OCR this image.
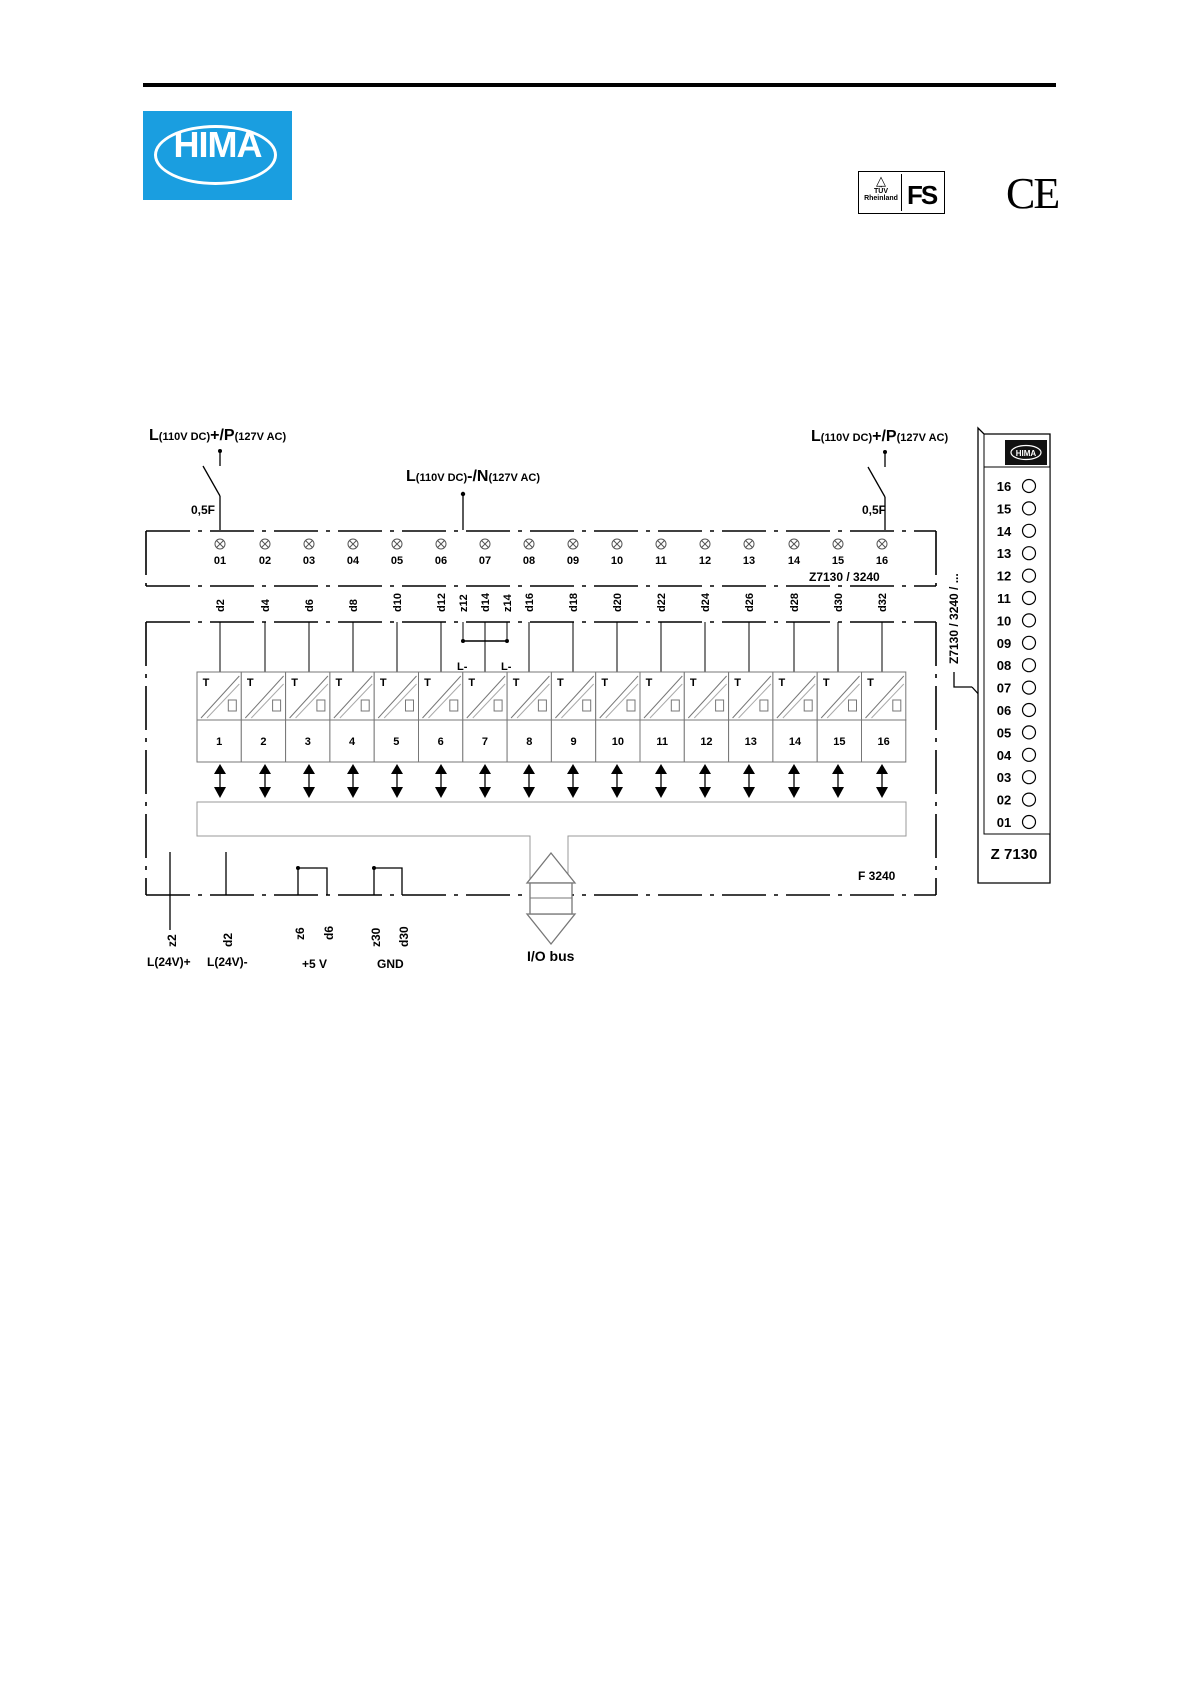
HIMA
△
TÜV Rheinland FS CE
L(110V DC)+/P(127V AC)	L(110V DC)+/P(127V AC)
L(110V DC)-/N(127V AC)
0,5F	0,5F
Z7130 / 3240	Z7130 / 3240 / ...
01	02	03	04	05	06	07	08	09	10	11	12	13	14	15	16
d2	d4	d6	d8	d10	d12 z12 d14 z14 d16	d18	d20	d22	d24	d26	d28	d30	d32
T
1
T
2
T
3
T
4
T
5
T
6
T
7
T
8
T
9
T
10
T
11
T
12
T
13
T
14
T
15
T
16
L-	L-
F 3240
I/O bus
z2	d2	z6 d6	z30 d30
L(24V)+ L(24V)-	+5 V	GND
HIMA
16
15
14
13
12
11
10
09
08
07
06
05
04
03
02
01
Z 7130
